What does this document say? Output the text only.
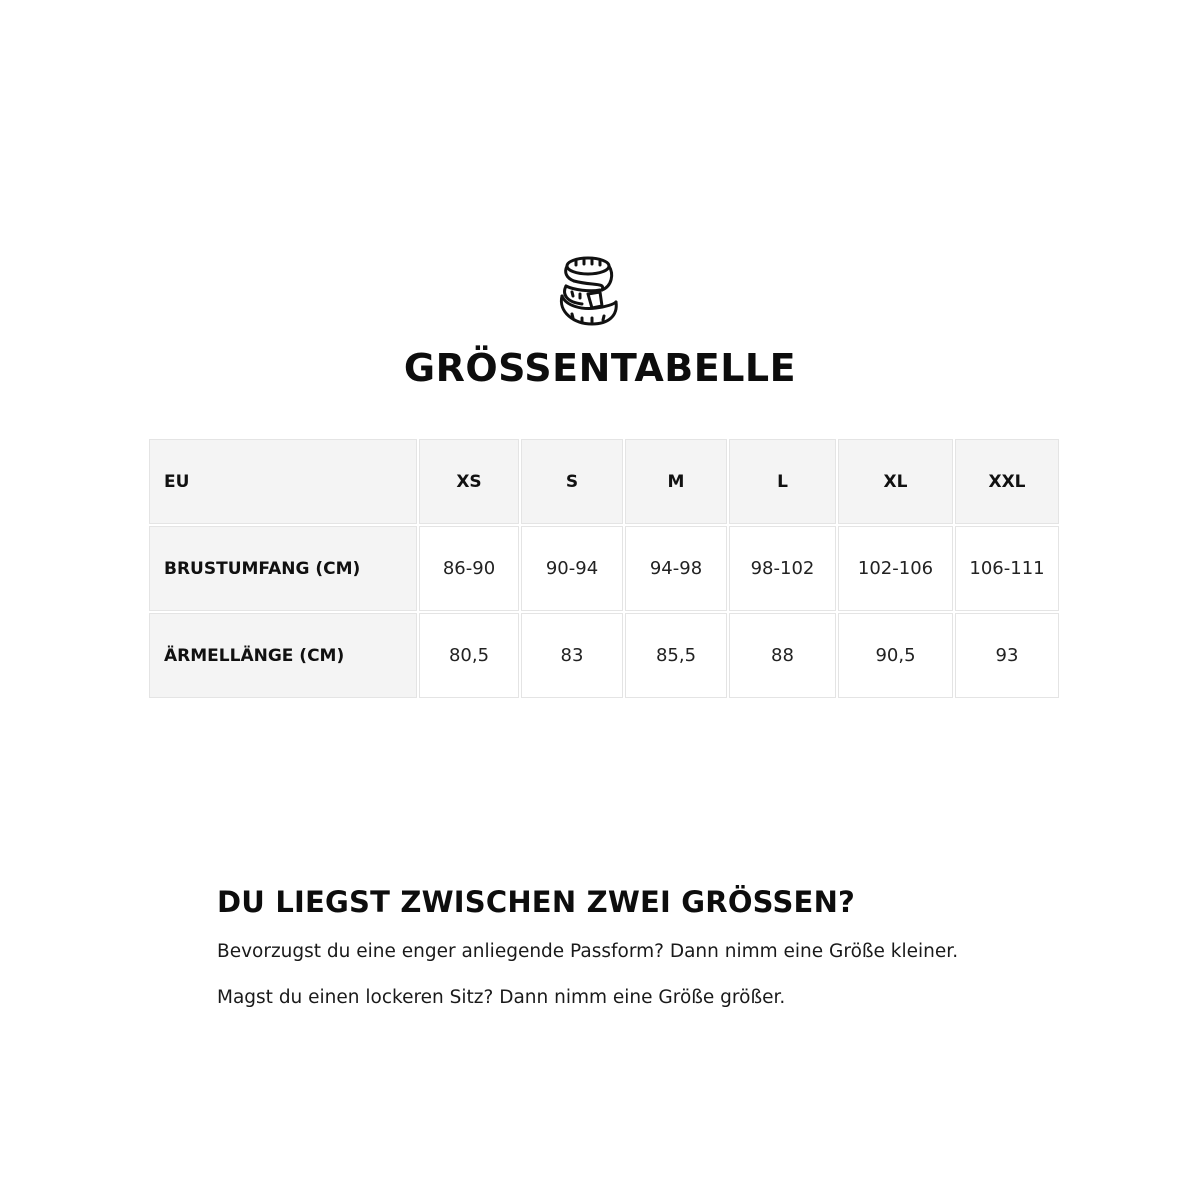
GRÖSSENTABELLE
EU	XS	S	M	L	XL	XXL
BRUSTUMFANG (CM)	86-90	90-94	94-98	98-102	102-106	106-111
ÄRMELLÄNGE (CM)	80,5	83	85,5	88	90,5	93
DU LIEGST ZWISCHEN ZWEI GRÖSSEN?

Bevorzugst du eine enger anliegende Passform? Dann nimm eine Größe kleiner.

Magst du einen lockeren Sitz? Dann nimm eine Größe größer.
